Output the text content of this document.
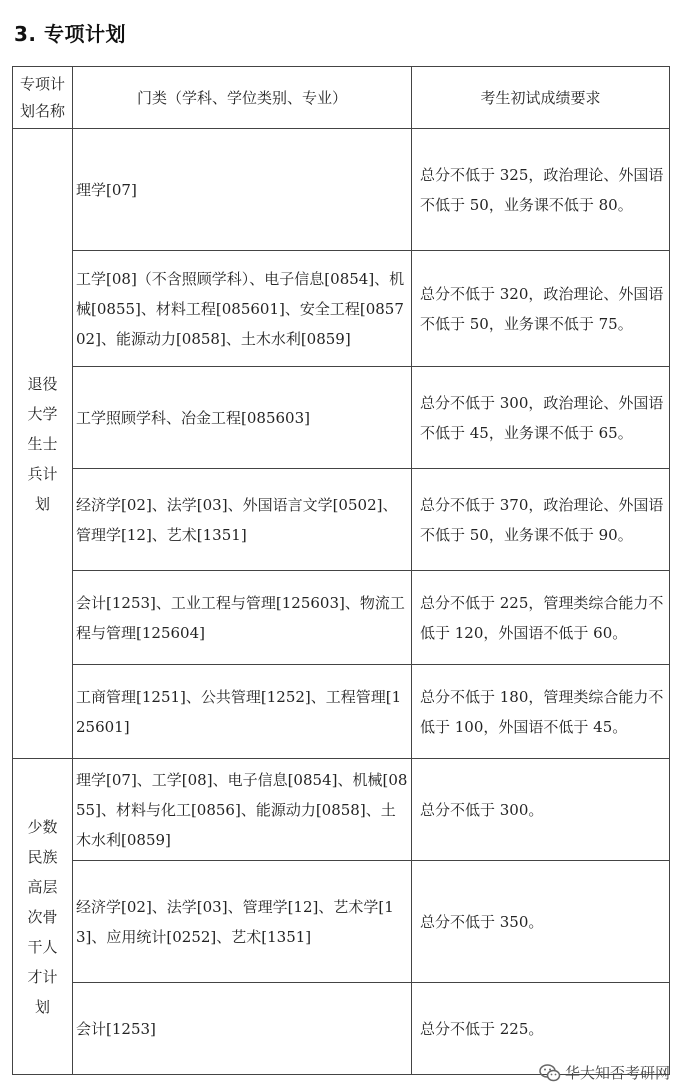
3. 专项计划
专项计划名称	门类（学科、学位类别、专业）	考生初试成绩要求
退役大学生士兵计划	理学[07]	总分不低于 325，政治理论、外国语不低于 50，业务课不低于 80。
	工学[08]（不含照顾学科）、电子信息[0854]、机械[0855]、材料工程[085601]、安全工程[085702]、能源动力[0858]、土木水利[0859]	总分不低于 320，政治理论、外国语不低于 50，业务课不低于 75。
	工学照顾学科、冶金工程[085603]	总分不低于 300，政治理论、外国语不低于 45，业务课不低于 65。
	经济学[02]、法学[03]、外国语言文学[0502]、管理学[12]、艺术[1351]	总分不低于 370，政治理论、外国语不低于 50，业务课不低于 90。
	会计[1253]、工业工程与管理[125603]、物流工程与管理[125604]	总分不低于 225，管理类综合能力不低于 120，外国语不低于 60。
	工商管理[1251]、公共管理[1252]、工程管理[125601]	总分不低于 180，管理类综合能力不低于 100，外国语不低于 45。
少数民族高层次骨干人才计划	理学[07]、工学[08]、电子信息[0854]、机械[0855]、材料与化工[0856]、能源动力[0858]、土木水利[0859]	总分不低于 300。
	经济学[02]、法学[03]、管理学[12]、艺术学[13]、应用统计[0252]、艺术[1351]	总分不低于 350。
	会计[1253]	总分不低于 225。
华大知否考研网
